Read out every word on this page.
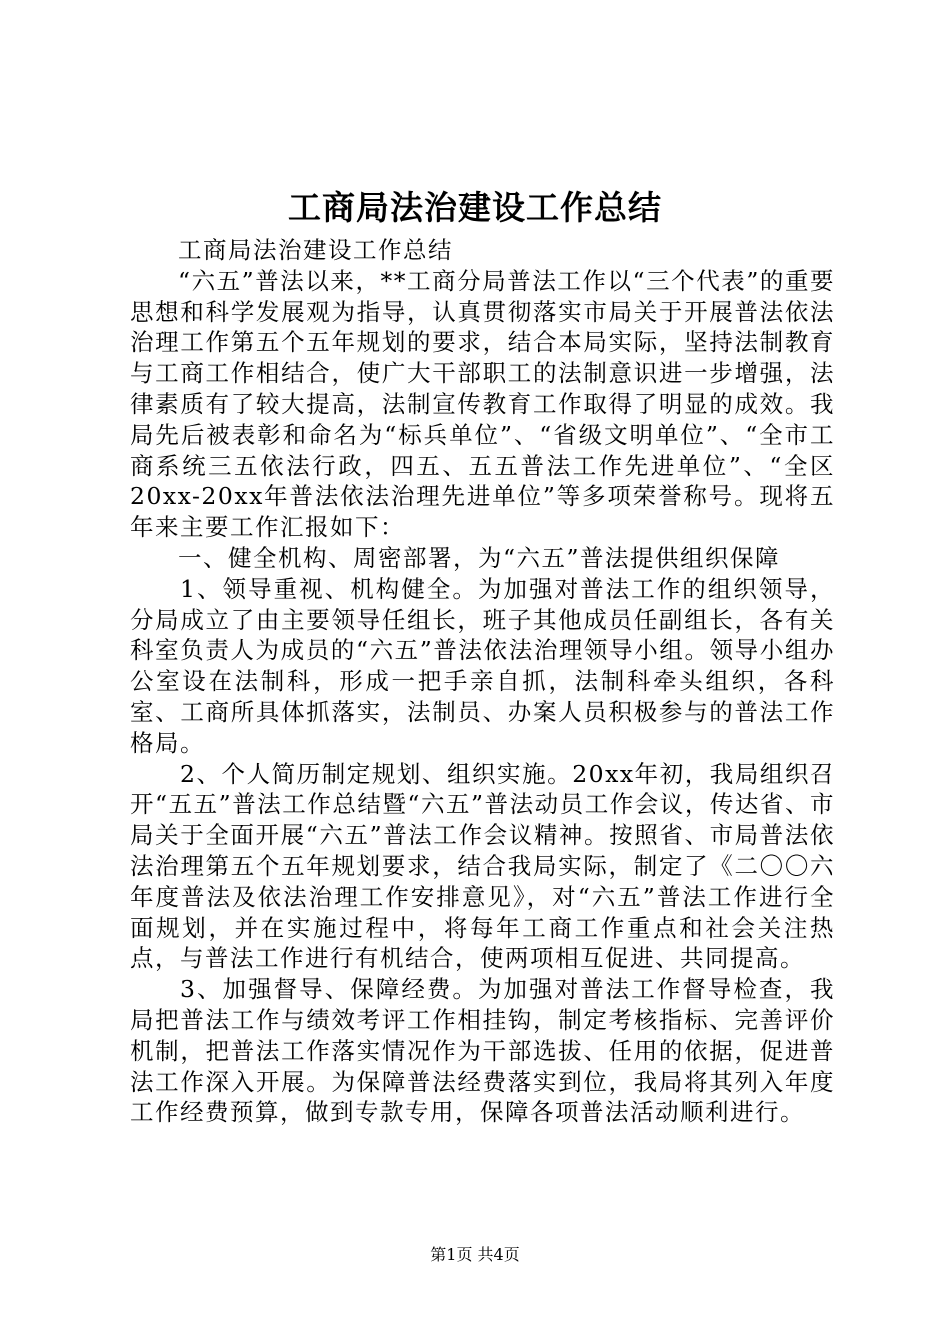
工商局法治建设工作总结

工商局法治建设工作总结

“六五”普法以来，**工商分局普法工作以“三个代表”的重要思想和科学发展观为指导，认真贯彻落实市局关于开展普法依法治理工作第五个五年规划的要求，结合本局实际，坚持法制教育与工商工作相结合，使广大干部职工的法制意识进一步增强，法律素质有了较大提高，法制宣传教育工作取得了明显的成效。我局先后被表彰和命名为“标兵单位”、“省级文明单位”、“全市工商系统三五依法行政，四五、五五普法工作先进单位”、“全区20xx-20xx年普法依法治理先进单位”等多项荣誉称号。现将五年来主要工作汇报如下：

一、健全机构、周密部署，为“六五”普法提供组织保障

1、领导重视、机构健全。为加强对普法工作的组织领导，分局成立了由主要领导任组长，班子其他成员任副组长，各有关科室负责人为成员的“六五”普法依法治理领导小组。领导小组办公室设在法制科，形成一把手亲自抓，法制科牵头组织，各科室、工商所具体抓落实，法制员、办案人员积极参与的普法工作格局。

2、个人简历制定规划、组织实施。20xx年初，我局组织召开“五五”普法工作总结暨“六五”普法动员工作会议，传达省、市局关于全面开展“六五”普法工作会议精神。按照省、市局普法依法治理第五个五年规划要求，结合我局实际，制定了《二〇〇六年度普法及依法治理工作安排意见》，对“六五”普法工作进行全面规划，并在实施过程中，将每年工商工作重点和社会关注热点，与普法工作进行有机结合，使两项相互促进、共同提高。

3、加强督导、保障经费。为加强对普法工作督导检查，我局把普法工作与绩效考评工作相挂钩，制定考核指标、完善评价机制，把普法工作落实情况作为干部选拔、任用的依据，促进普法工作深入开展。为保障普法经费落实到位，我局将其列入年度工作经费预算，做到专款专用，保障各项普法活动顺利进行。

第1页 共4页
